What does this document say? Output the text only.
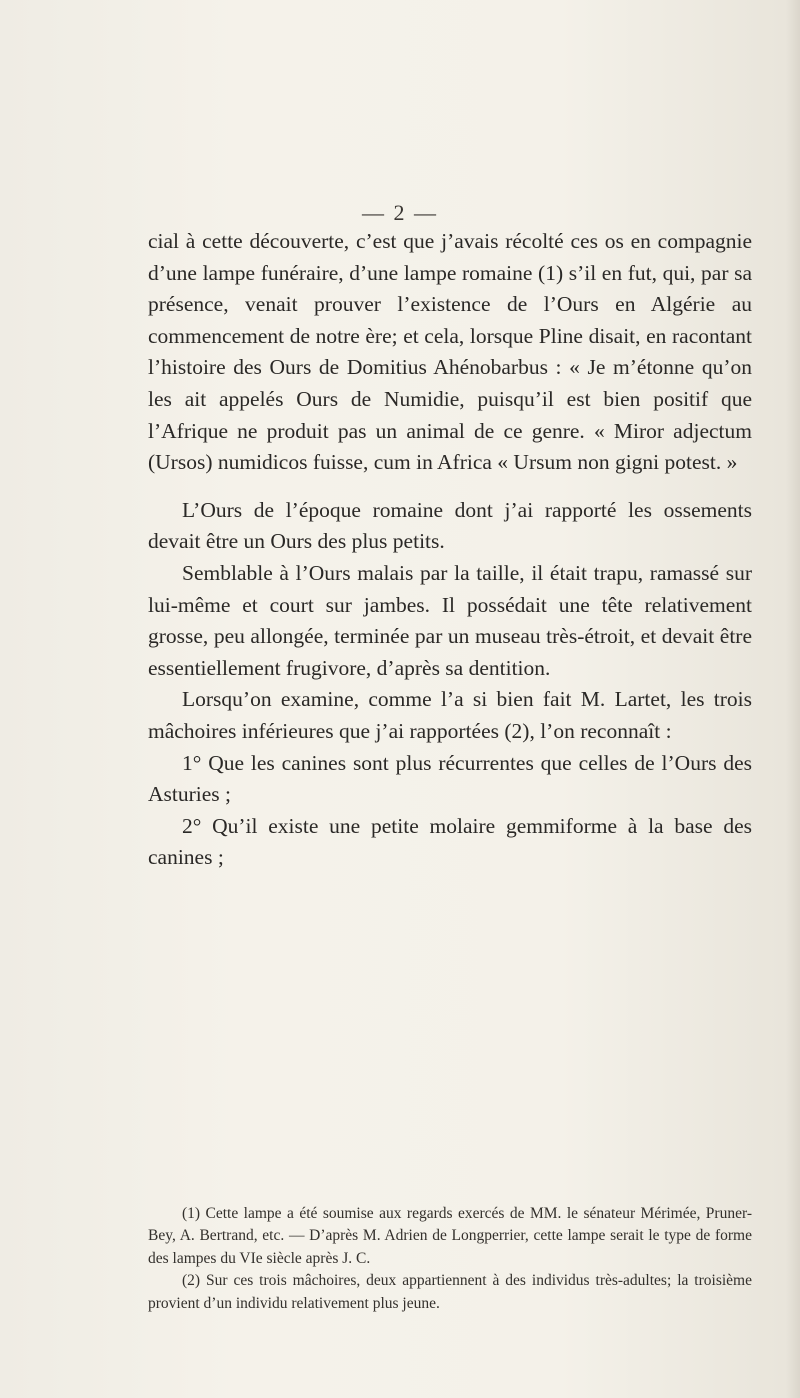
— 2 —

cial à cette découverte, c’est que j’avais récolté ces os en compagnie d’une lampe funéraire, d’une lampe romaine (1) s’il en fut, qui, par sa présence, venait prouver l’existence de l’Ours en Algérie au commencement de notre ère; et cela, lorsque Pline disait, en racontant l’histoire des Ours de Domitius Ahénobarbus : « Je m’étonne qu’on les ait appelés Ours de Numidie, puisqu’il est bien positif que l’Afrique ne produit pas un animal de ce genre. « Miror adjectum (Ursos) numidicos fuisse, cum in Africa « Ursum non gigni potest. »

L’Ours de l’époque romaine dont j’ai rapporté les ossements devait être un Ours des plus petits.

Semblable à l’Ours malais par la taille, il était trapu, ramassé sur lui-même et court sur jambes. Il possédait une tête relativement grosse, peu allongée, terminée par un museau très-étroit, et devait être essentiellement frugivore, d’après sa dentition.

Lorsqu’on examine, comme l’a si bien fait M. Lartet, les trois mâchoires inférieures que j’ai rapportées (2), l’on reconnaît :

1° Que les canines sont plus récurrentes que celles de l’Ours des Asturies ;

2° Qu’il existe une petite molaire gemmiforme à la base des canines ;

(1) Cette lampe a été soumise aux regards exercés de MM. le sénateur Mérimée, Pruner-Bey, A. Bertrand, etc. — D’après M. Adrien de Longperrier, cette lampe serait le type de forme des lampes du VIe siècle après J. C.

(2) Sur ces trois mâchoires, deux appartiennent à des individus très-adultes; la troisième provient d’un individu relativement plus jeune.
